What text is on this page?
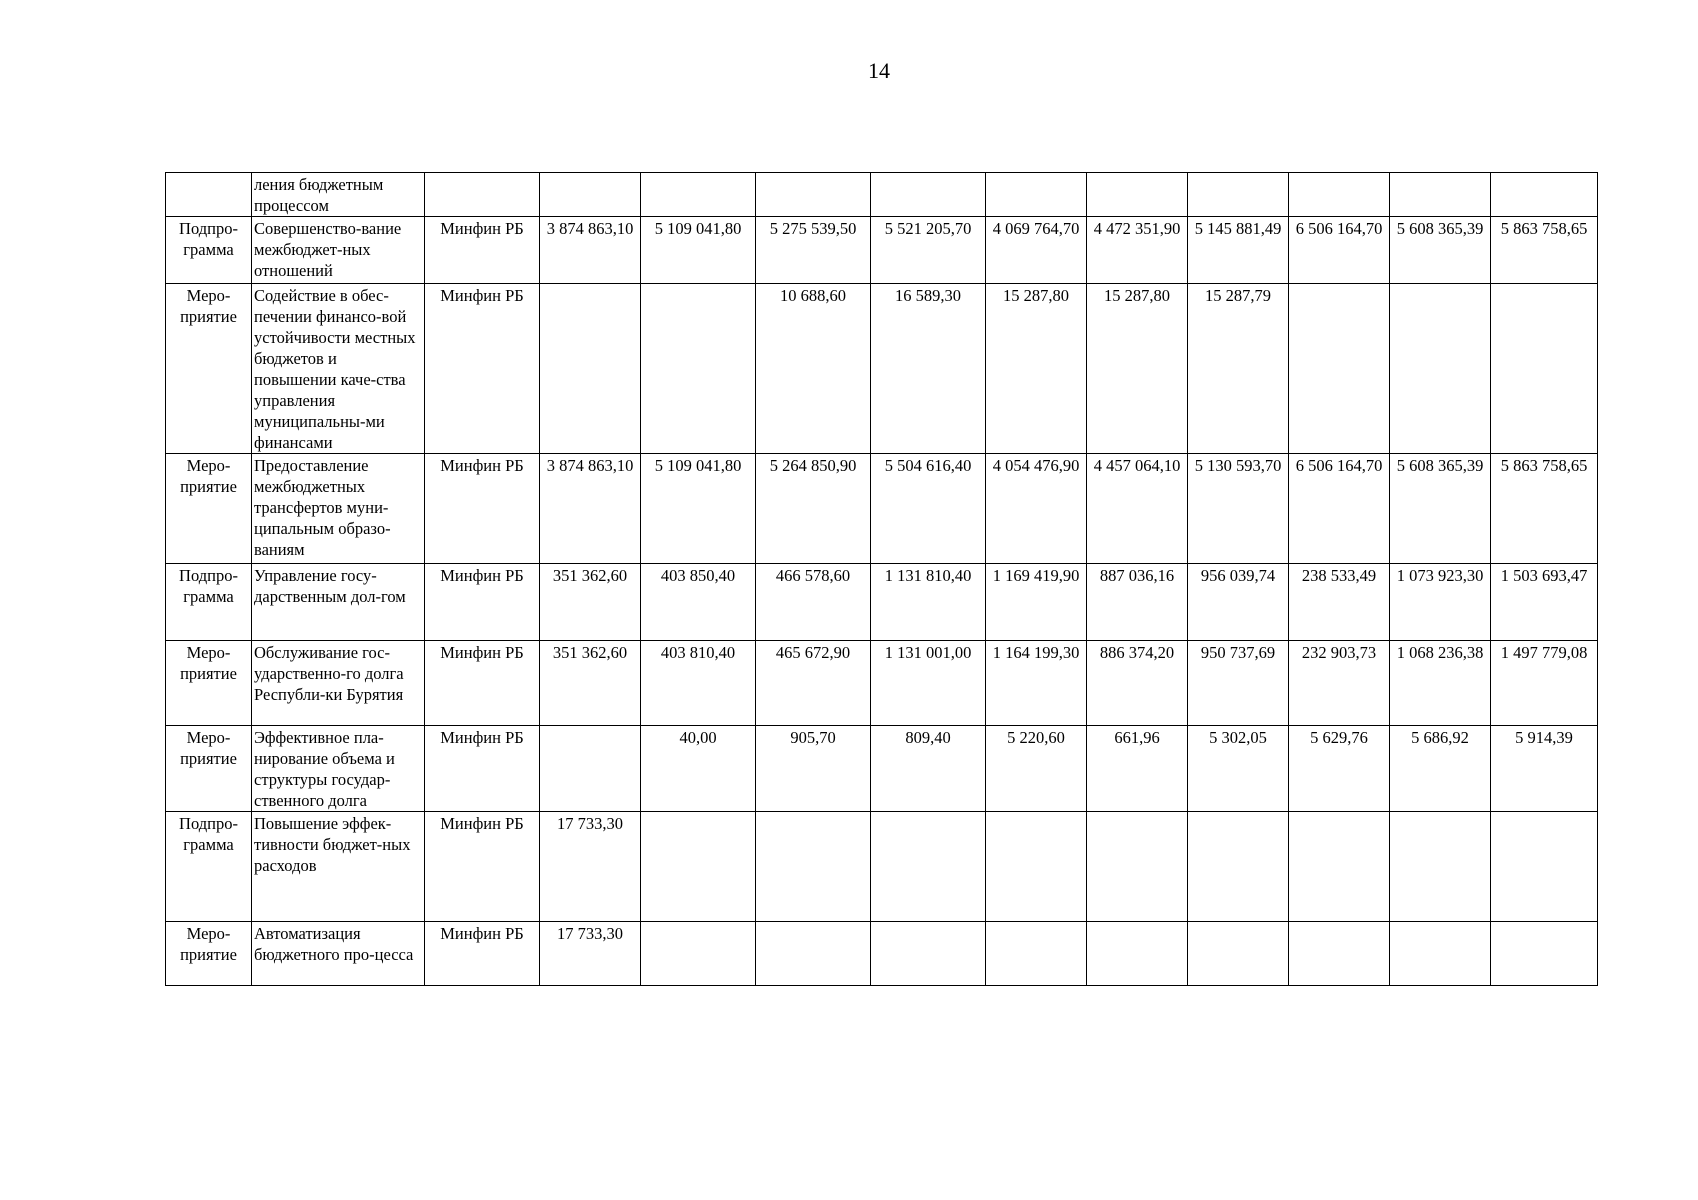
14
	ления бюджетным процессом											
Подпро-грамма	Совершенство-вание межбюджет-ных отношений	Минфин РБ	3 874 863,10	5 109 041,80	5 275 539,50	5 521 205,70	4 069 764,70	4 472 351,90	5 145 881,49	6 506 164,70	5 608 365,39	5 863 758,65
Меро-приятие	Содействие в обес-печении финансо-вой устойчивости местных бюджетов и повышении каче-ства управления муниципальны-ми финансами	Минфин РБ			10 688,60	16 589,30	15 287,80	15 287,80	15 287,79			
Меро-приятие	Предоставление межбюджетных трансфертов муни-ципальным образо-ваниям	Минфин РБ	3 874 863,10	5 109 041,80	5 264 850,90	5 504 616,40	4 054 476,90	4 457 064,10	5 130 593,70	6 506 164,70	5 608 365,39	5 863 758,65
Подпро-грамма	Управление госу-дарственным дол-гом	Минфин РБ	351 362,60	403 850,40	466 578,60	1 131 810,40	1 169 419,90	887 036,16	956 039,74	238 533,49	1 073 923,30	1 503 693,47
Меро-приятие	Обслуживание гос-ударственно-го долга Республи-ки Бурятия	Минфин РБ	351 362,60	403 810,40	465 672,90	1 131 001,00	1 164 199,30	886 374,20	950 737,69	232 903,73	1 068 236,38	1 497 779,08
Меро-приятие	Эффективное пла-нирование объема и структуры государ-ственного долга	Минфин РБ		40,00	905,70	809,40	5 220,60	661,96	5 302,05	5 629,76	5 686,92	5 914,39
Подпро-грамма	Повышение эффек-тивности бюджет-ных расходов	Минфин РБ	17 733,30									
Меро-приятие	Автоматизация бюджетного про-цесса	Минфин РБ	17 733,30									
